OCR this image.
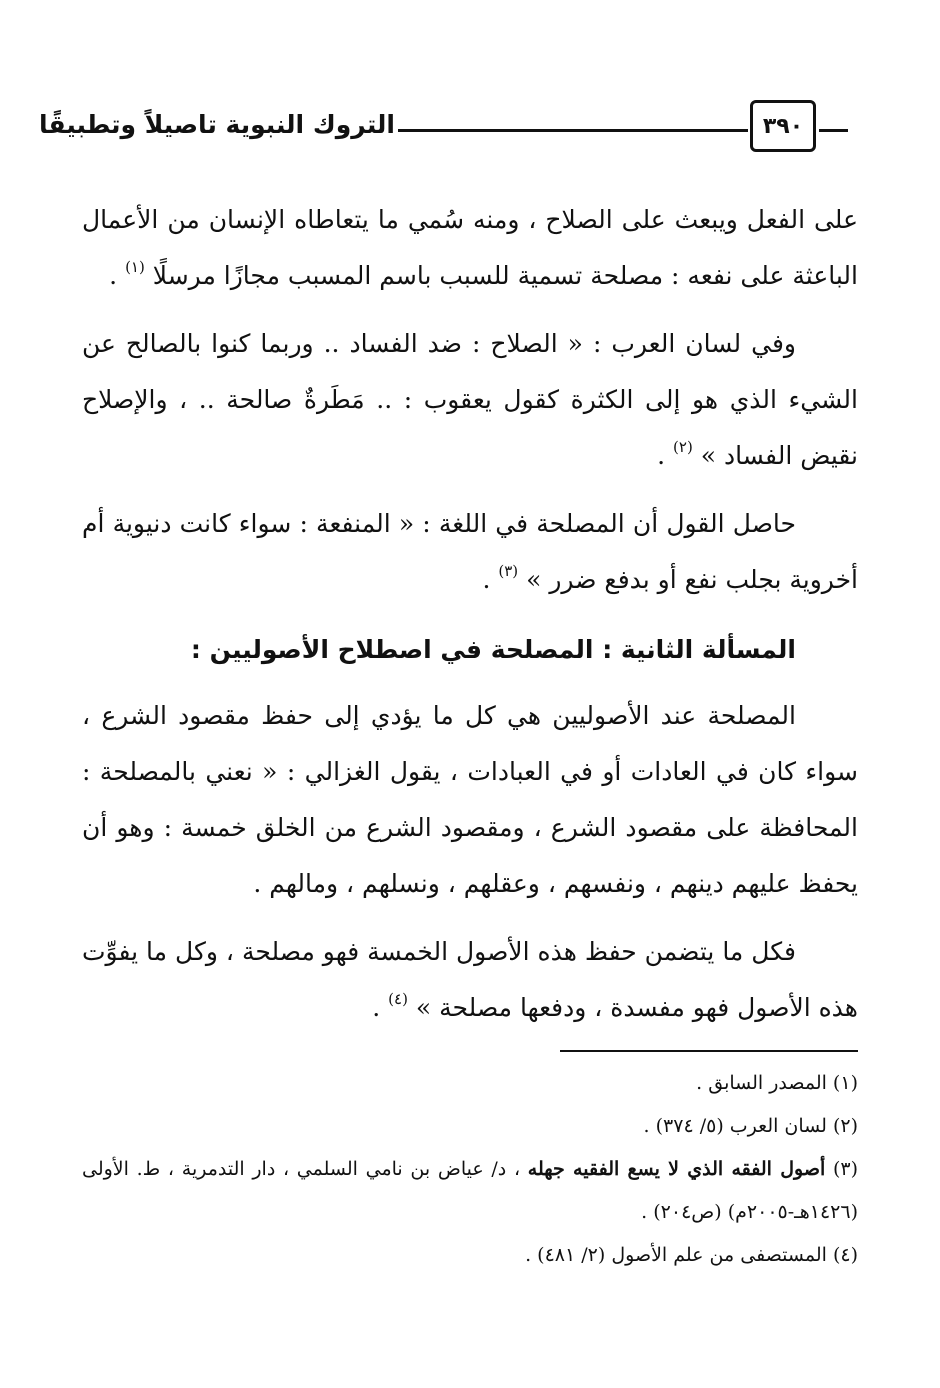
٣٩٠
التروك النبوية تاصيلاً وتطبيقًا

على الفعل ويبعث على الصلاح ، ومنه سُمي ما يتعاطاه الإنسان من الأعمال الباعثة على نفعه : مصلحة تسمية للسبب باسم المسبب مجازًا مرسلًا $^{(١)}$ .

وفي لسان العرب : « الصلاح : ضد الفساد .. وربما كنوا بالصالح عن الشيء الذي هو إلى الكثرة كقول يعقوب : .. مَطَرةٌ صالحة .. ، والإصلاح نقيض الفساد » $^{(٢)}$ .

حاصل القول أن المصلحة في اللغة : « المنفعة : سواء كانت دنيوية أم أخروية بجلب نفع أو بدفع ضرر » $^{(٣)}$ .

المسألة الثانية : المصلحة في اصطلاح الأصوليين :

المصلحة عند الأصوليين هي كل ما يؤدي إلى حفظ مقصود الشرع ، سواء كان في العادات أو في العبادات ، يقول الغزالي : « نعني بالمصلحة : المحافظة على مقصود الشرع ، ومقصود الشرع من الخلق خمسة : وهو أن يحفظ عليهم دينهم ، ونفسهم ، وعقلهم ، ونسلهم ، ومالهم .

فكل ما يتضمن حفظ هذه الأصول الخمسة فهو مصلحة ، وكل ما يفوِّت هذه الأصول فهو مفسدة ، ودفعها مصلحة » $^{(٤)}$ .

(١) المصدر السابق .

(٢) لسان العرب (٥/ ٣٧٤) .

(٣) أصول الفقه الذي لا يسع الفقيه جهله ، د/ عياض بن نامي السلمي ، دار التدمرية ، ط. الأولى (١٤٢٦هـ-٢٠٠٥م) (ص٢٠٤) .

(٤) المستصفى من علم الأصول (٢/ ٤٨١) .
